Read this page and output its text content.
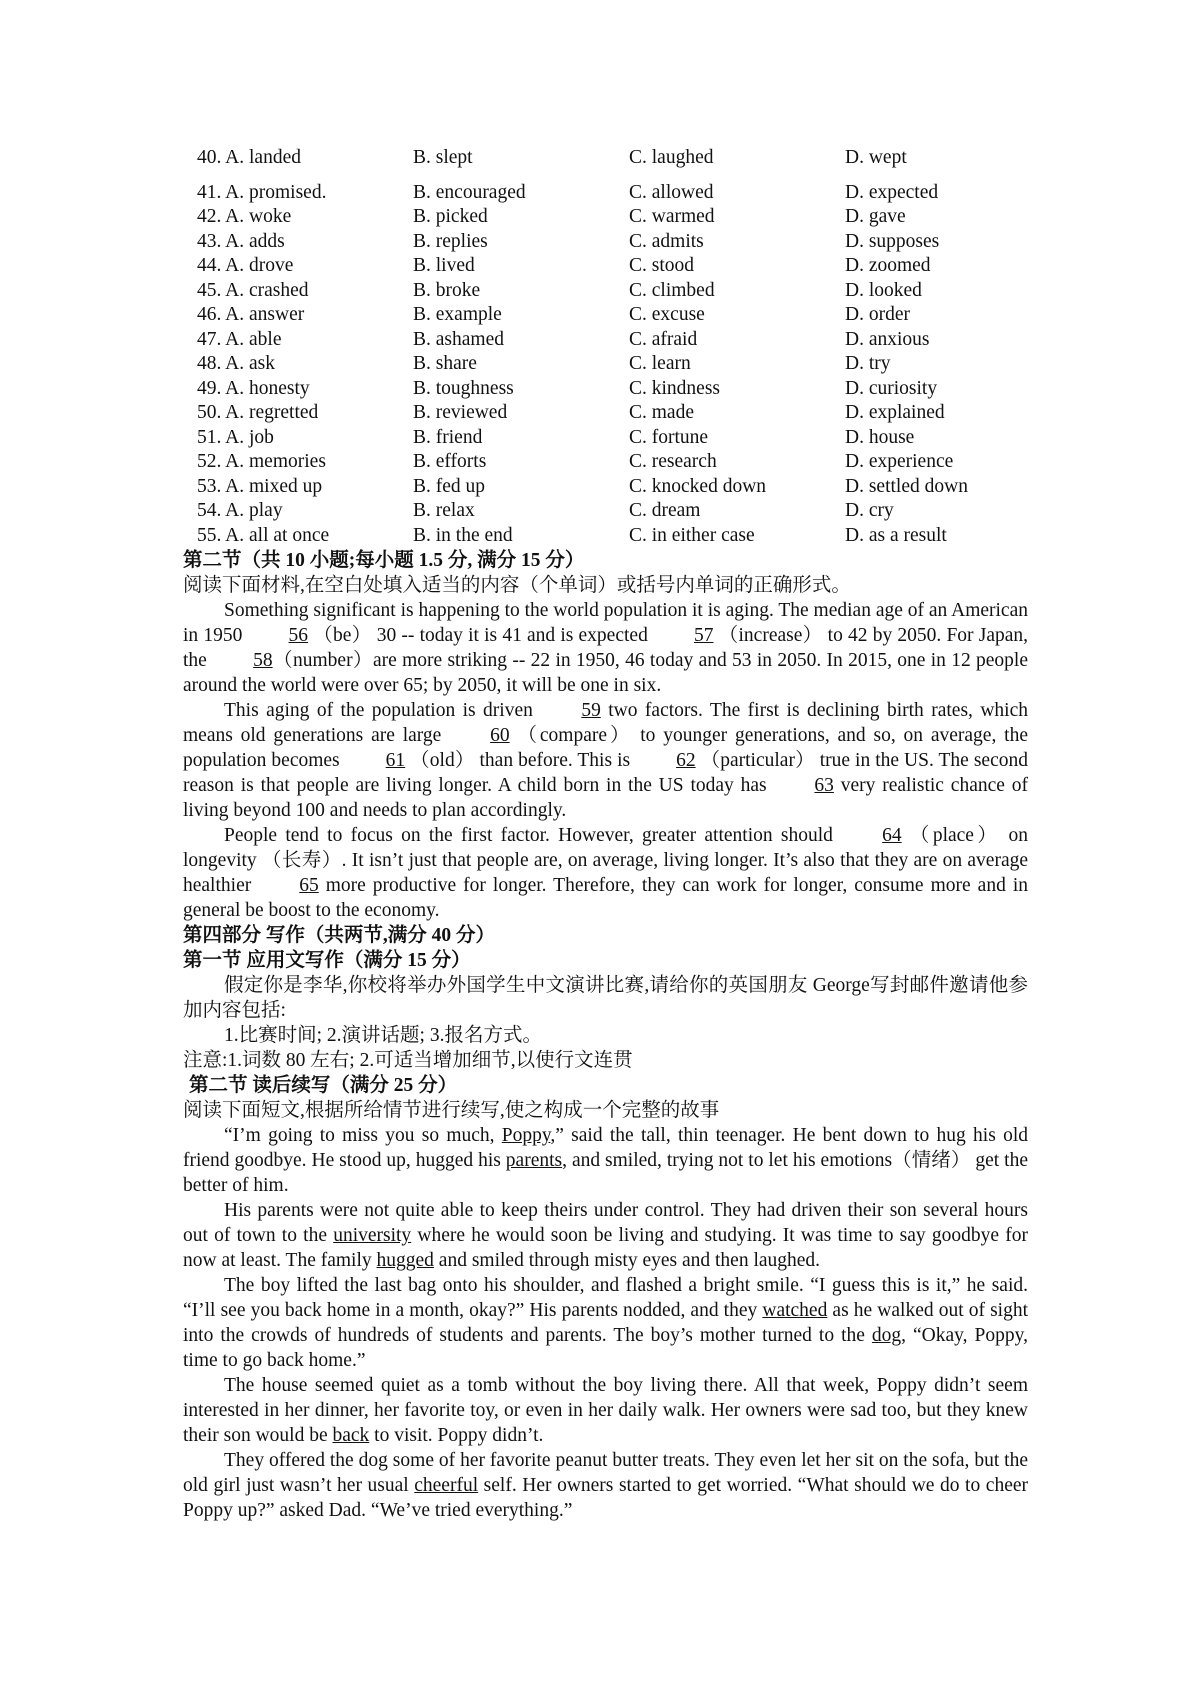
40. A. landed	B. slept	C. laughed	D. wept
41. A. promised.	B. encouraged	C. allowed	D. expected
42. A. woke	B. picked	C. warmed	D. gave
43. A. adds	B. replies	C. admits	D. supposes
44. A. drove	B. lived	C. stood	D. zoomed
45. A. crashed	B. broke	C. climbed	D. looked
46. A. answer	B. example	C. excuse	D. order
47. A. able	B. ashamed	C. afraid	D. anxious
48. A. ask	B. share	C. learn	D. try
49. A. honesty	B. toughness	C. kindness	D. curiosity
50. A. regretted	B. reviewed	C. made	D. explained
51. A. job	B. friend	C. fortune	D. house
52. A. memories	B. efforts	C. research	D. experience
53. A. mixed up	B. fed up	C. knocked down	D. settled down
54. A. play	B. relax	C. dream	D. cry
55. A. all at once	B. in the end	C. in either case	D. as a result
第二节（共 10 小题;每小题 1.5 分, 满分 15 分）
阅读下面材料,在空白处填入适当的内容（个单词）或括号内单词的正确形式。

Something significant is happening to the world population it is aging. The median age of an American in 1950 56 （be） 30 -- today it is 41 and is expected 57 （increase） to 42 by 2050. For Japan, the 58（number）are more striking -- 22 in 1950, 46 today and 53 in 2050. In 2015, one in 12 people around the world were over 65; by 2050, it will be one in six.

This aging of the population is driven 59 two factors. The first is declining birth rates, which means old generations are large 60 （compare） to younger generations, and so, on average, the population becomes 61 （old） than before. This is 62 （particular） true in the US. The second reason is that people are living longer. A child born in the US today has 63 very realistic chance of living beyond 100 and needs to plan accordingly.

People tend to focus on the first factor. However, greater attention should 64 （place） on longevity （长寿）. It isn’t just that people are, on average, living longer. It’s also that they are on average healthier 65 more productive for longer. Therefore, they can work for longer, consume more and in general be boost to the economy.

第四部分 写作（共两节,满分 40 分）
第一节 应用文写作（满分 15 分）

假定你是李华,你校将举办外国学生中文演讲比赛,请给你的英国朋友 George写封邮件邀请他参加内容包括:

1.比赛时间; 2.演讲话题; 3.报名方式。
注意:1.词数 80 左右; 2.可适当增加细节,以使行文连贯
第二节 读后续写（满分 25 分）
阅读下面短文,根据所给情节进行续写,使之构成一个完整的故事

“I’m going to miss you so much, Poppy,” said the tall, thin teenager. He bent down to hug his old friend goodbye. He stood up, hugged his parents, and smiled, trying not to let his emotions（情绪） get the better of him.

His parents were not quite able to keep theirs under control. They had driven their son several hours out of town to the university where he would soon be living and studying. It was time to say goodbye for now at least. The family hugged and smiled through misty eyes and then laughed.

The boy lifted the last bag onto his shoulder, and flashed a bright smile. “I guess this is it,” he said. “I’ll see you back home in a month, okay?” His parents nodded, and they watched as he walked out of sight into the crowds of hundreds of students and parents. The boy’s mother turned to the dog, “Okay, Poppy, time to go back home.”

The house seemed quiet as a tomb without the boy living there. All that week, Poppy didn’t seem interested in her dinner, her favorite toy, or even in her daily walk. Her owners were sad too, but they knew their son would be back to visit. Poppy didn’t.

They offered the dog some of her favorite peanut butter treats. They even let her sit on the sofa, but the old girl just wasn’t her usual cheerful self. Her owners started to get worried. “What should we do to cheer Poppy up?” asked Dad. “We’ve tried everything.”
